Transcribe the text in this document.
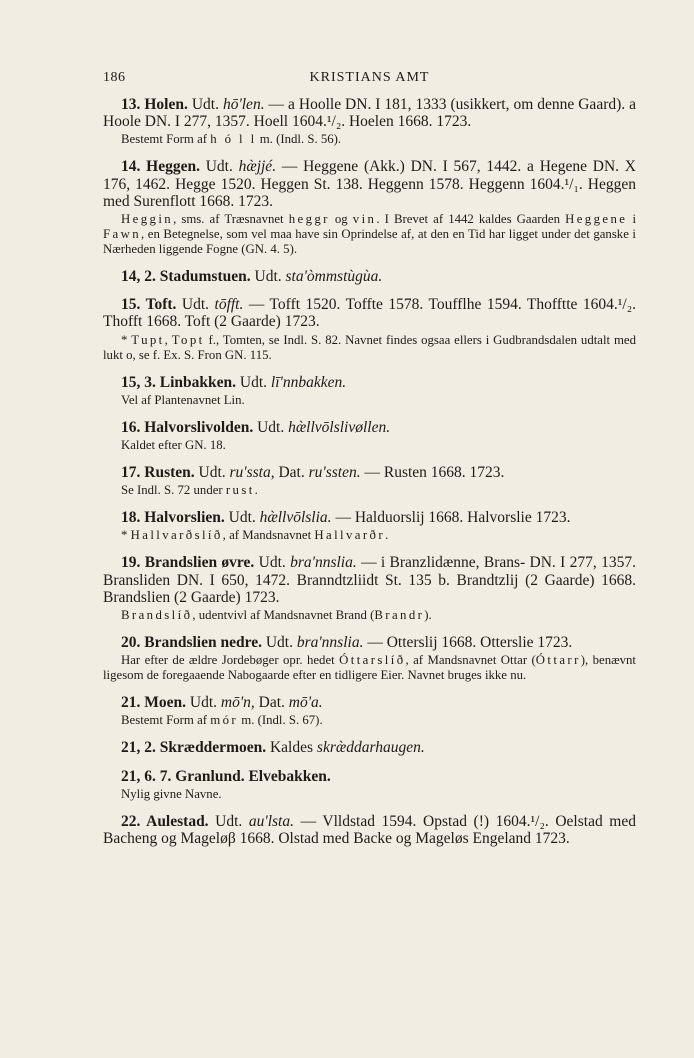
186	KRISTIANS AMT

13. Holen. Udt. hō'len. — a Hoolle DN. I 181, 1333 (usikkert, om denne Gaard). a Hoole DN. I 277, 1357. Hoell 1604.¹/₂. Hoelen 1668. 1723.

Bestemt Form af h ó l l m. (Indl. S. 56).

14. Heggen. Udt. hæ̀jjé. — Heggene (Akk.) DN. I 567, 1442. a Hegene DN. X 176, 1462. Hegge 1520. Heggen St. 138. Heggenn 1578. Heggenn 1604.¹/₁. Heggen med Surenflott 1668. 1723.

Heggin, sms. af Træsnavnet heggr og vin. I Brevet af 1442 kaldes Gaarden Heggene i Fawn, en Betegnelse, som vel maa have sin Oprindelse af, at den en Tid har ligget under det ganske i Nærheden liggende Fogne (GN. 4. 5).

14, 2. Stadumstuen. Udt. sta'òmmstùgùa.

15. Toft. Udt. tōfft. — Tofft 1520. Toffte 1578. Toufflhe 1594. Thofftte 1604.¹/₂. Thofft 1668. Toft (2 Gaarde) 1723.

* Tupt, Topt f., Tomten, se Indl. S. 82. Navnet findes ogsaa ellers i Gudbrandsdalen udtalt med lukt o, se f. Ex. S. Fron GN. 115.

15, 3. Linbakken. Udt. lī'nnbakken.

Vel af Plantenavnet Lin.

16. Halvorslivolden. Udt. hæ̀llvōlslivøllen.

Kaldet efter GN. 18.

17. Rusten. Udt. ru'ssta, Dat. ru'ssten. — Rusten 1668. 1723.

Se Indl. S. 72 under rust.

18. Halvorslien. Udt. hæ̀llvōlslia. — Halduorslij 1668. Halvorslie 1723.

* Hallvarðslíð, af Mandsnavnet Hallvarðr.

19. Brandslien øvre. Udt. bra'nnslia. — i Branzlidænne, Brans- DN. I 277, 1357. Bransliden DN. I 650, 1472. Branndtzliidt St. 135 b. Brandtzlij (2 Gaarde) 1668. Brandslien (2 Gaarde) 1723.

Brandslíð, udentvivl af Mandsnavnet Brand (Brandr).

20. Brandslien nedre. Udt. bra'nnslia. — Otterslij 1668. Otterslie 1723.

Har efter de ældre Jordebøger opr. hedet Óttarslíð, af Mandsnavnet Ottar (Óttarr), benævnt ligesom de foregaaende Nabogaarde efter en tidligere Eier. Navnet bruges ikke nu.

21. Moen. Udt. mō'n, Dat. mō'a.

Bestemt Form af mór m. (Indl. S. 67).

21, 2. Skræddermoen. Kaldes skræ̀ddarhaugen.

21, 6. 7. Granlund. Elvebakken.

Nylig givne Navne.

22. Aulestad. Udt. au'lsta. — Vlldstad 1594. Opstad (!) 1604.¹/₂. Oelstad med Bacheng og Mageløβ 1668. Olstad med Backe og Mageløs Engeland 1723.
